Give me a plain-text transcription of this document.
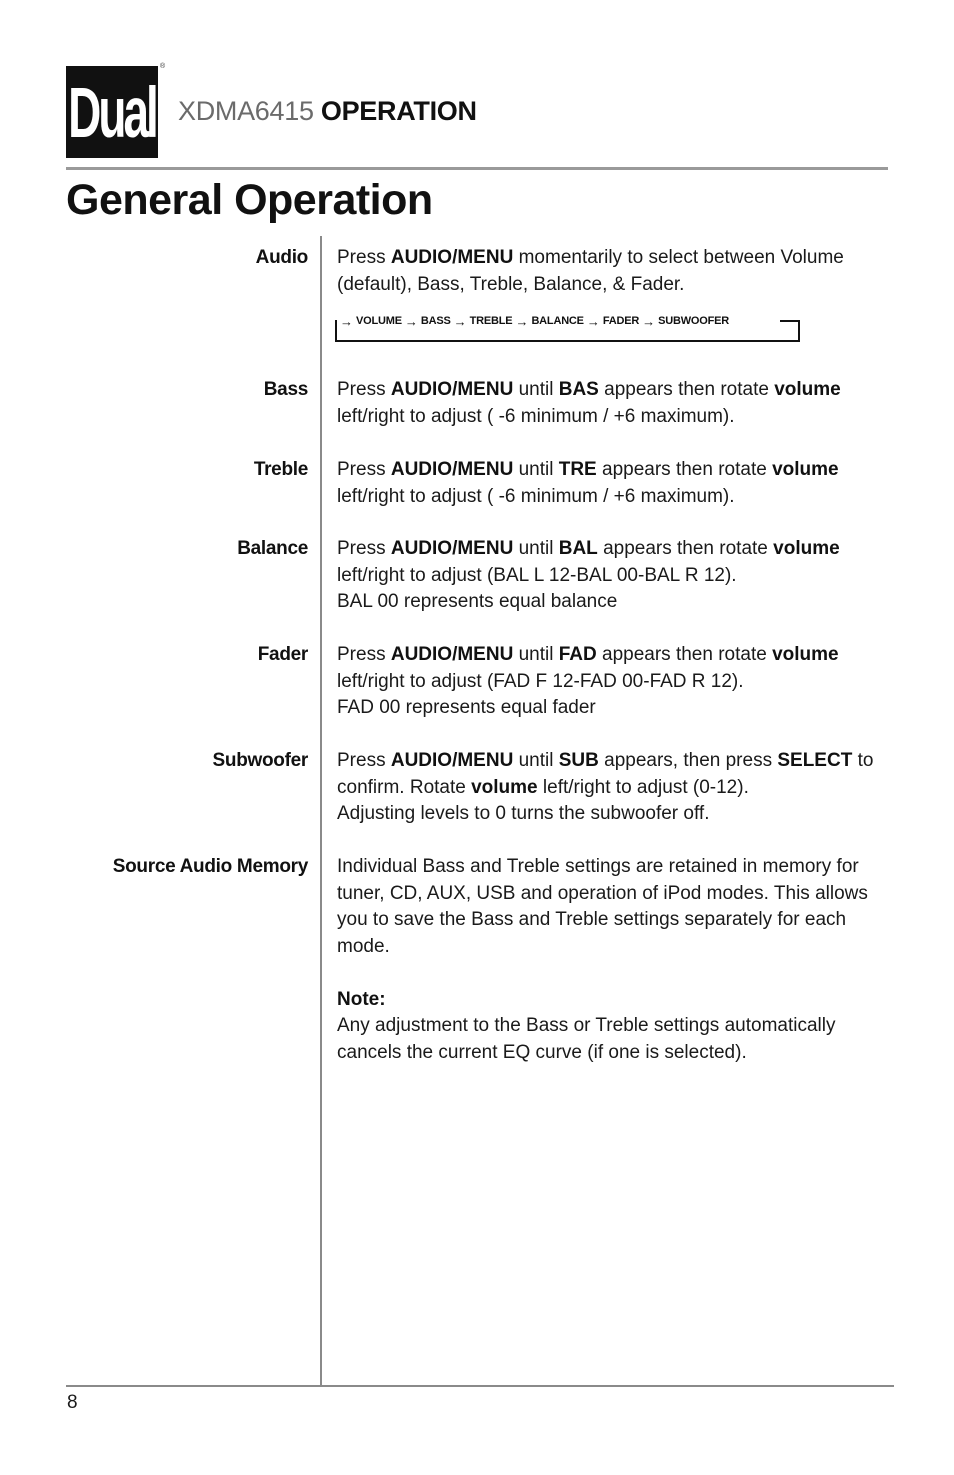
Dual
®
XDMA6415 OPERATION
General Operation
Audio Press AUDIO/MENU momentarily to select between Volume (default), Bass, Treble, Balance, & Fader.

→ VOLUME → BASS → TREBLE → BALANCE → FADER → SUBWOOFER
Bass Press AUDIO/MENU until BAS appears then rotate volume left/right to adjust ( -6 minimum / +6 maximum).

Treble Press AUDIO/MENU until TRE appears then rotate volume left/right to adjust ( -6 minimum / +6 maximum).

Balance Press AUDIO/MENU until BAL appears then rotate volume left/right to adjust (BAL L 12-BAL 00-BAL R 12).

BAL 00 represents equal balance

Fader Press AUDIO/MENU until FAD appears then rotate volume left/right to adjust (FAD F 12-FAD 00-FAD R 12).

FAD 00 represents equal fader

Subwoofer Press AUDIO/MENU until SUB appears, then press SELECT to confirm. Rotate volume left/right to adjust (0-12).

Adjusting levels to 0 turns the subwoofer off.

Source Audio Memory Individual Bass and Treble settings are retained in memory for tuner, CD, AUX, USB and operation of iPod modes. This allows you to save the Bass and Treble settings separately for each mode.

Note:

Any adjustment to the Bass or Treble settings automatically cancels the current EQ curve (if one is selected).

8
